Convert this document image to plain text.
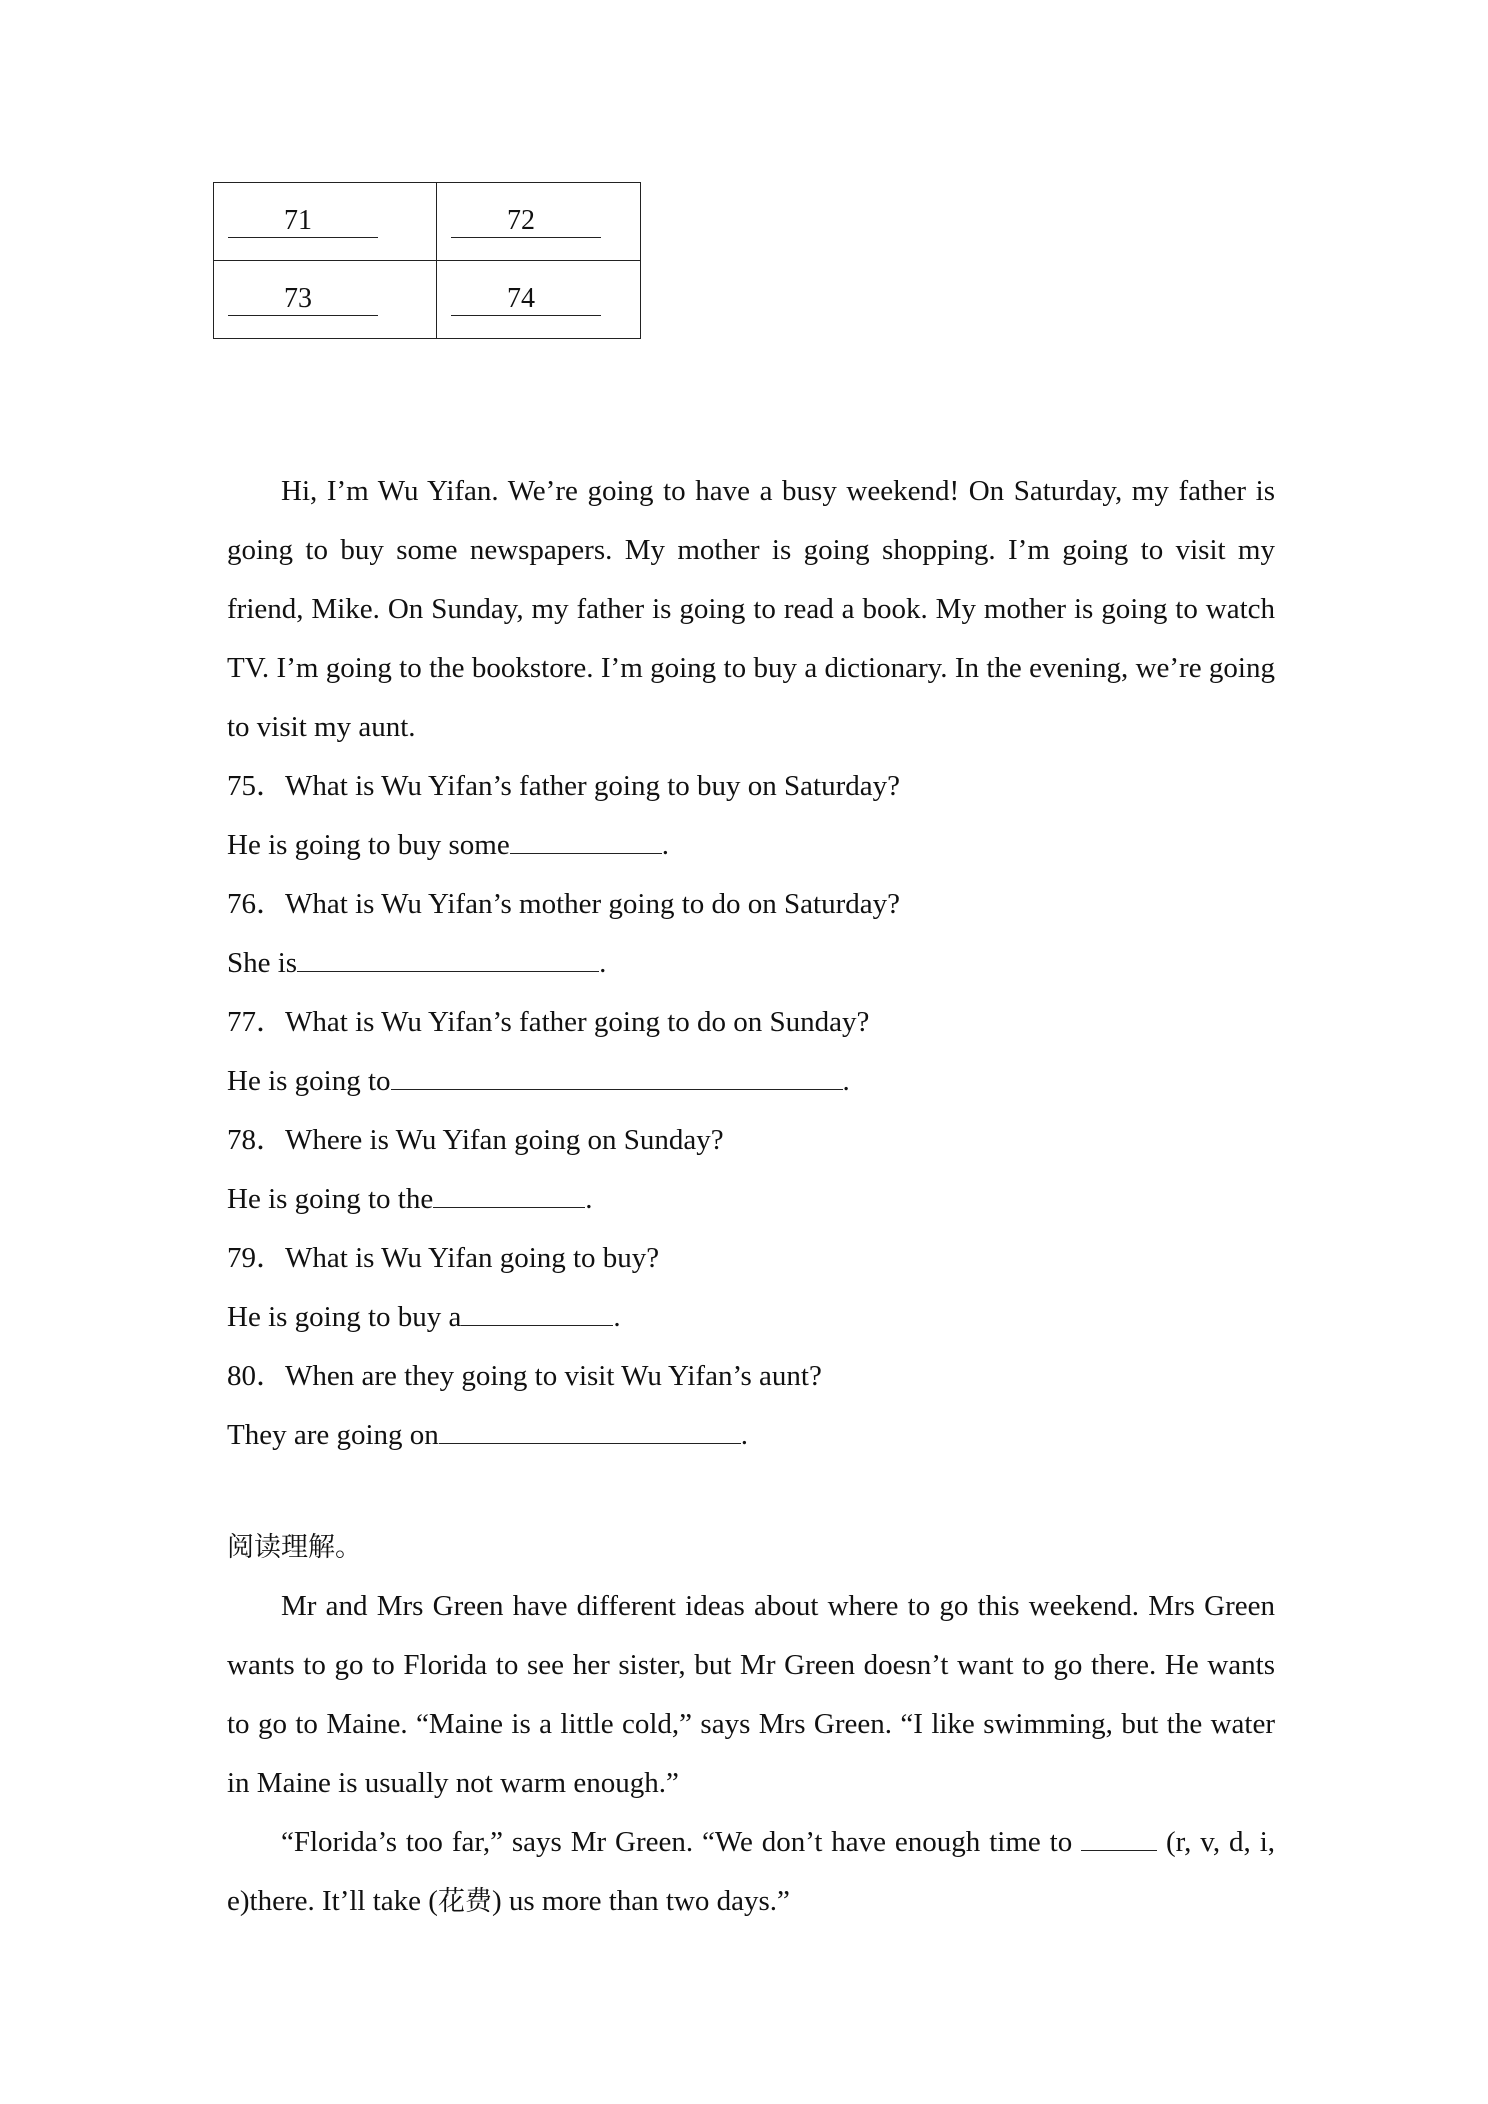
71	72
73	74

Hi, I’m Wu Yifan. We’re going to have a busy weekend! On Saturday, my father is going to buy some newspapers. My mother is going shopping. I’m going to visit my friend, Mike. On Sunday, my father is going to read a book. My mother is going to watch TV. I’m going to the bookstore. I’m going to buy a dictionary. In the evening, we’re going to visit my aunt.

75．What is Wu Yifan’s father going to buy on Saturday?

He is going to buy some	.

76．What is Wu Yifan’s mother going to do on Saturday?

She is	.

77．What is Wu Yifan’s father going to do on Sunday?

He is going to	.

78．Where is Wu Yifan going on Sunday?

He is going to the	.

79．What is Wu Yifan going to buy?

He is going to buy a	.

80．When are they going to visit Wu Yifan’s aunt?

They are going on	.

阅读理解。

Mr and Mrs Green have different ideas about where to go this weekend. Mrs Green wants to go to Florida to see her sister, but Mr Green doesn’t want to go there. He wants to go to Maine. “Maine is a little cold,” says Mrs Green. “I like swimming, but the water in Maine is usually not warm enough.”

“Florida’s too far,” says Mr Green. “We don’t have enough time to	(r, v, d, i, e)there. It’ll take (花费) us more than two days.”
